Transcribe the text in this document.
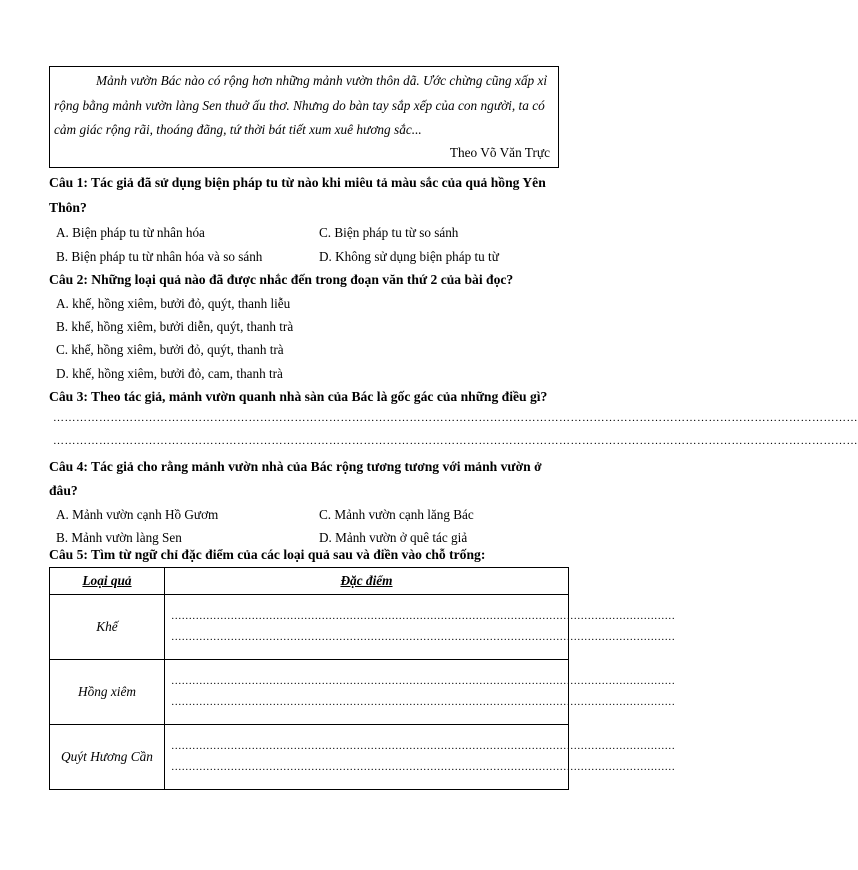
Mảnh vườn Bác nào có rộng hơn những mảnh vườn thôn dã. Ước chừng cũng xấp xỉ
rộng bằng mảnh vườn làng Sen thuở ấu thơ. Nhưng do bàn tay sắp xếp của con người, ta có
cảm giác rộng rãi, thoáng đãng, tứ thời bát tiết xum xuê hương sắc...
Theo Võ Văn Trực
Câu 1: Tác giả đã sử dụng biện pháp tu từ nào khi miêu tả màu sắc của quả hồng Yên
Thôn?
A. Biện pháp tu từ nhân hóa	C. Biện pháp tu từ so sánh
B. Biện pháp tu từ nhân hóa và so sánh	D. Không sử dụng biện pháp tu từ
Câu 2: Những loại quả nào đã được nhắc đến trong đoạn văn thứ 2 của bài đọc?
A. khế, hồng xiêm, bưởi đỏ, quýt, thanh liễu
B. khế, hồng xiêm, bưởi diễn, quýt, thanh trà
C. khế, hồng xiêm, bưởi đỏ, quýt, thanh trà
D. khế, hồng xiêm, bưởi đỏ, cam, thanh trà
Câu 3: Theo tác giả, mảnh vườn quanh nhà sàn của Bác là gốc gác của những điều gì?
…………………………………………………………………………………………………………………………………………………………………………………………
…………………………………………………………………………………………………………………………………………………………………………………………
Câu 4: Tác giả cho rằng mảnh vườn nhà của Bác rộng tương tương với mảnh vườn ở
đâu?
A. Mảnh vườn cạnh Hồ Gươm	C. Mảnh vườn cạnh lăng Bác
B. Mảnh vườn làng Sen	D. Mảnh vườn ở quê tác giả
Câu 5: Tìm từ ngữ chỉ đặc điểm của các loại quả sau và điền vào chỗ trống:
Loại quả	Đặc điểm
Khế	………………………………………………………………………………………………………………………………
………………………………………………………………………………………………………………………………

Hồng xiêm	………………………………………………………………………………………………………………………………
………………………………………………………………………………………………………………………………

Quýt Hương Cần	………………………………………………………………………………………………………………………………
………………………………………………………………………………………………………………………………
